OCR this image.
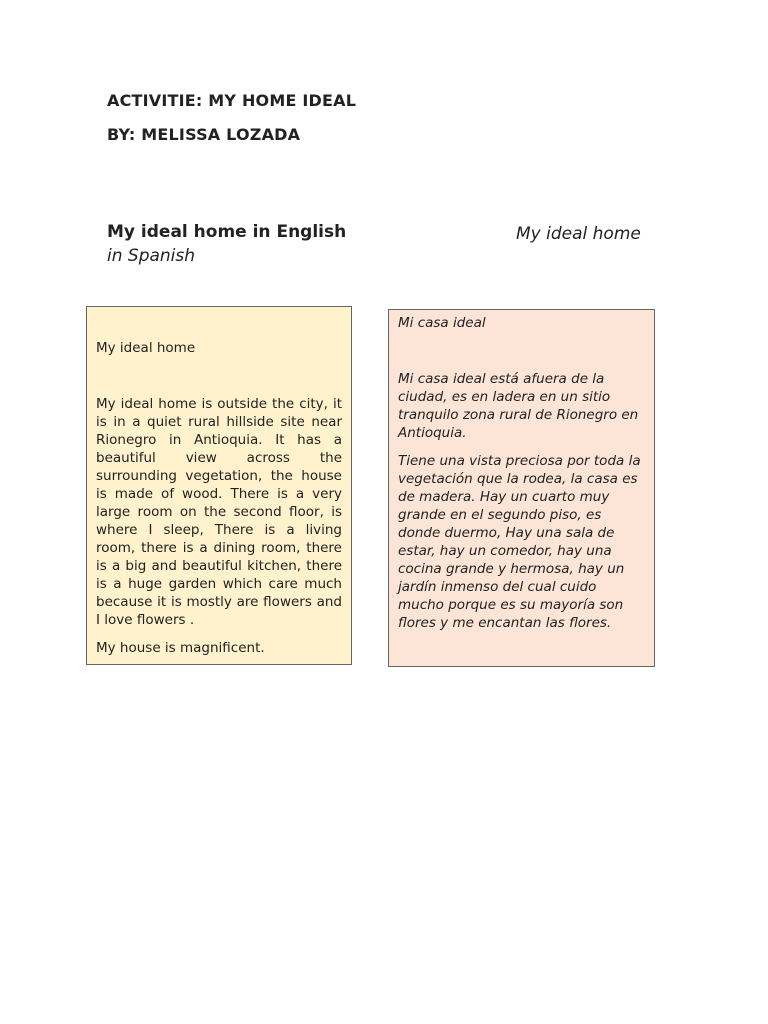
ACTIVITIE: MY HOME IDEAL
BY: MELISSA LOZADA

My ideal home in English	My ideal home

in Spanish

My ideal home

My ideal home is outside the city, it is in a quiet rural hillside site near Rionegro in Antioquia. It has a beautiful view across the surrounding vegetation, the house is made of wood. There is a very large room on the second floor, is where I sleep, There is a living room, there is a dining room, there is a big and beautiful kitchen, there is a huge garden which care much because it is mostly are flowers and I love flowers .

My house is magnificent.

Mi casa ideal

Mi casa ideal está afuera de la ciudad, es en ladera en un sitio tranquilo zona rural de Rionegro en Antioquia.

Tiene una vista preciosa por toda la vegetación que la rodea, la casa es de madera. Hay un cuarto muy grande en el segundo piso, es donde duermo, Hay una sala de estar, hay un comedor, hay una cocina grande y hermosa, hay un jardín inmenso del cual cuido mucho porque es su mayoría son flores y me encantan las flores.
